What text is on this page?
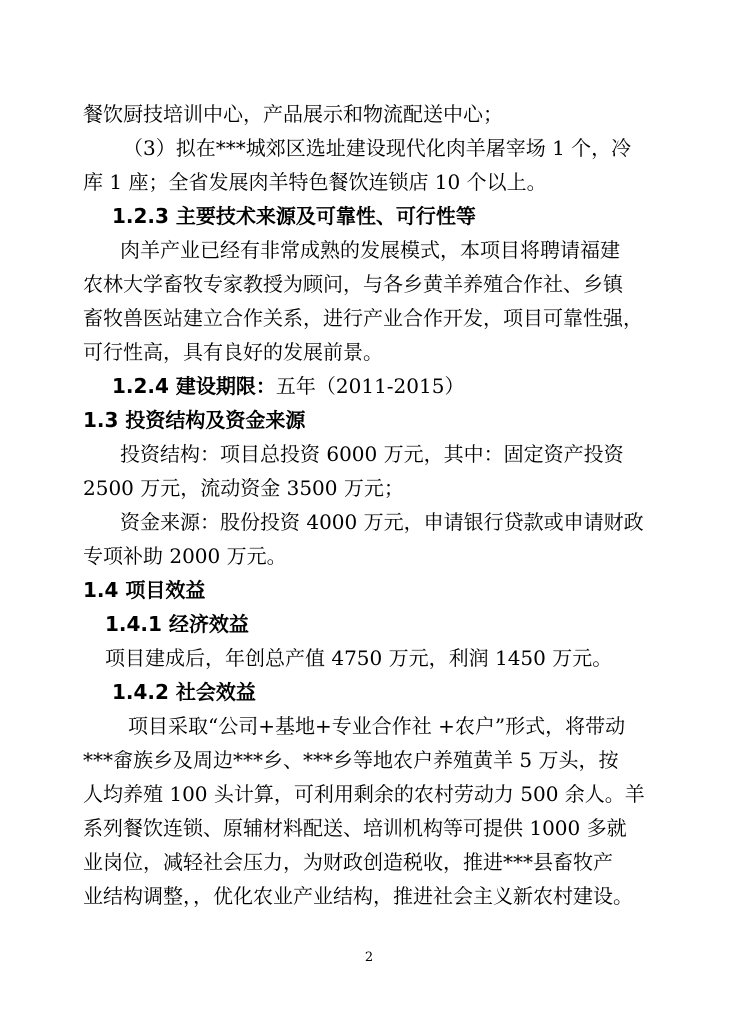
餐饮厨技培训中心，产品展示和物流配送中心；
（3）拟在***城郊区选址建设现代化肉羊屠宰场 1 个，冷
库 1 座；全省发展肉羊特色餐饮连锁店 10 个以上。
1.2.3 主要技术来源及可靠性、可行性等
肉羊产业已经有非常成熟的发展模式，本项目将聘请福建
农林大学畜牧专家教授为顾问，与各乡黄羊养殖合作社、乡镇
畜牧兽医站建立合作关系，进行产业合作开发，项目可靠性强，
可行性高，具有良好的发展前景。
1.2.4 建设期限：五年（2011-2015）
1.3 投资结构及资金来源
投资结构：项目总投资 6000 万元，其中：固定资产投资
2500 万元，流动资金 3500 万元；
资金来源：股份投资 4000 万元，申请银行贷款或申请财政
专项补助 2000 万元。
1.4 项目效益
1.4.1 经济效益
项目建成后，年创总产值 4750 万元，利润 1450 万元。
1.4.2 社会效益
项目采取“公司+基地+专业合作社 +农户”形式，将带动
***畲族乡及周边***乡、***乡等地农户养殖黄羊 5 万头，按
人均养殖 100 头计算，可利用剩余的农村劳动力 500 余人。羊
系列餐饮连锁、原辅材料配送、培训机构等可提供 1000 多就
业岗位，减轻社会压力，为财政创造税收，推进***县畜牧产
业结构调整，，优化农业产业结构，推进社会主义新农村建设。
2
